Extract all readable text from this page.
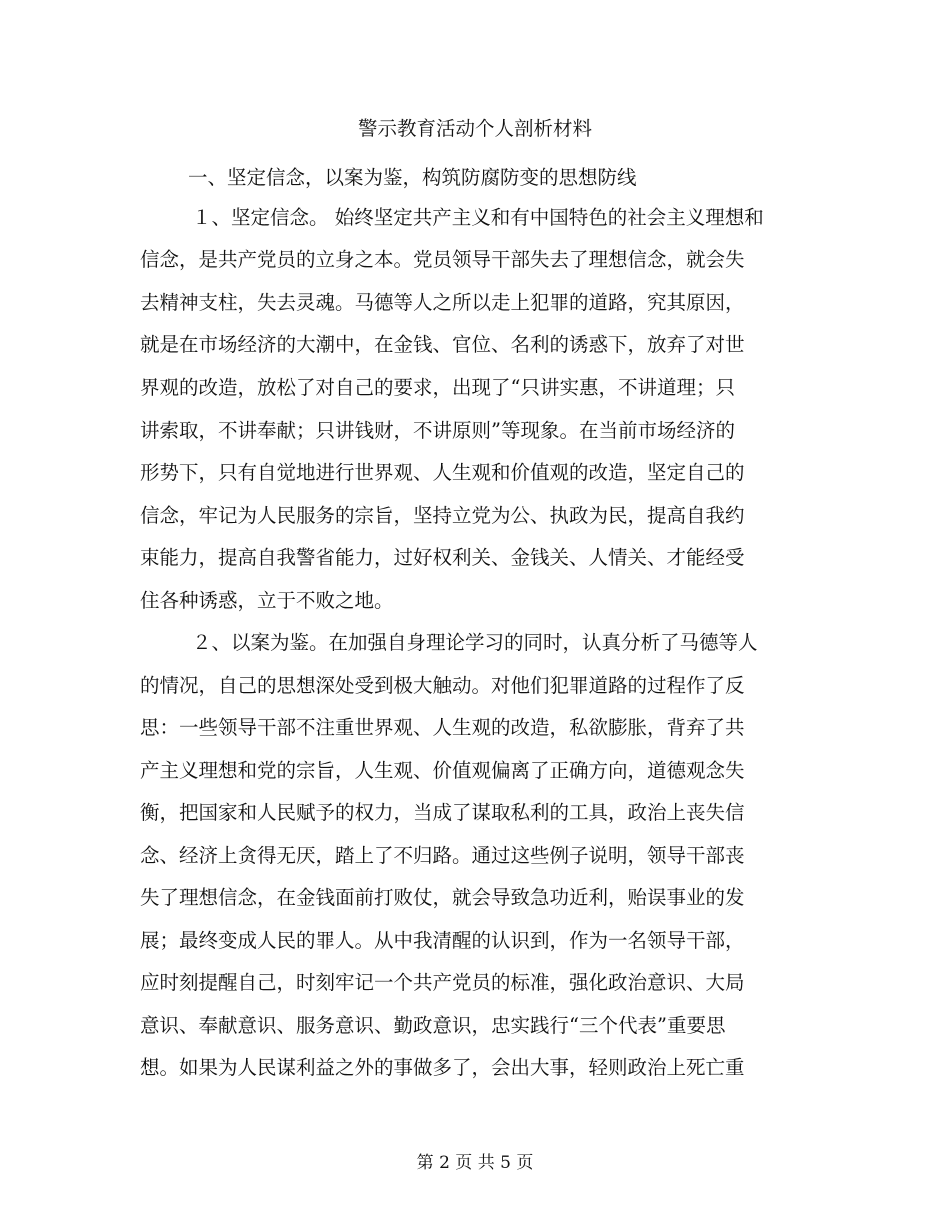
警示教育活动个人剖析材料
一、坚定信念，以案为鉴，构筑防腐防变的思想防线
１、坚定信念。 始终坚定共产主义和有中国特色的社会主义理想和
信念，是共产党员的立身之本。党员领导干部失去了理想信念，就会失
去精神支柱，失去灵魂。马德等人之所以走上犯罪的道路，究其原因，
就是在市场经济的大潮中，在金钱、官位、名利的诱惑下，放弃了对世
界观的改造，放松了对自己的要求，出现了“只讲实惠，不讲道理；只
讲索取，不讲奉献；只讲钱财，不讲原则”等现象。在当前市场经济的
形势下，只有自觉地进行世界观、人生观和价值观的改造，坚定自己的
信念，牢记为人民服务的宗旨，坚持立党为公、执政为民，提高自我约
束能力，提高自我警省能力，过好权利关、金钱关、人情关、才能经受
住各种诱惑，立于不败之地。
２、以案为鉴。在加强自身理论学习的同时，认真分析了马德等人
的情况，自己的思想深处受到极大触动。对他们犯罪道路的过程作了反
思：一些领导干部不注重世界观、人生观的改造，私欲膨胀，背弃了共
产主义理想和党的宗旨，人生观、价值观偏离了正确方向，道德观念失
衡，把国家和人民赋予的权力，当成了谋取私利的工具，政治上丧失信
念、经济上贪得无厌，踏上了不归路。通过这些例子说明，领导干部丧
失了理想信念，在金钱面前打败仗，就会导致急功近利，贻误事业的发
展；最终变成人民的罪人。从中我清醒的认识到，作为一名领导干部，
应时刻提醒自己，时刻牢记一个共产党员的标准，强化政治意识、大局
意识、奉献意识、服务意识、勤政意识，忠实践行“三个代表”重要思
想。如果为人民谋利益之外的事做多了，会出大事，轻则政治上死亡重
第 2 页 共 5 页
